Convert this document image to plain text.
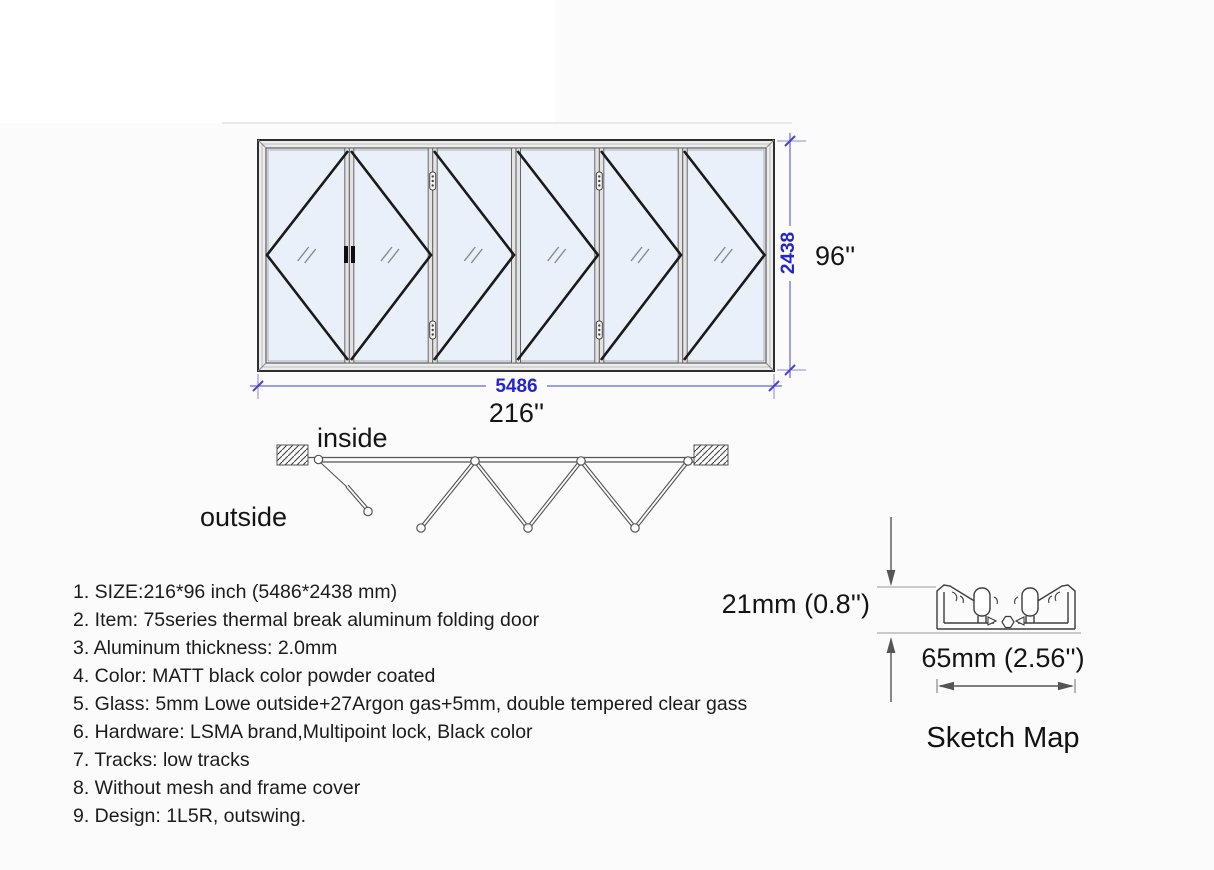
5486
216''
2438 96''
inside
outside
1. SIZE:216*96 inch (5486*2438 mm)
2. Item: 75series thermal break aluminum folding door
3. Aluminum thickness: 2.0mm
4. Color: MATT black color powder coated
5. Glass: 5mm Lowe outside+27Argon gas+5mm, double tempered clear gass
6. Hardware: LSMA brand,Multipoint lock, Black color
7. Tracks: low tracks
8. Without mesh and frame cover
9. Design: 1L5R, outswing.
21mm (0.8'')
65mm (2.56'')
Sketch Map
